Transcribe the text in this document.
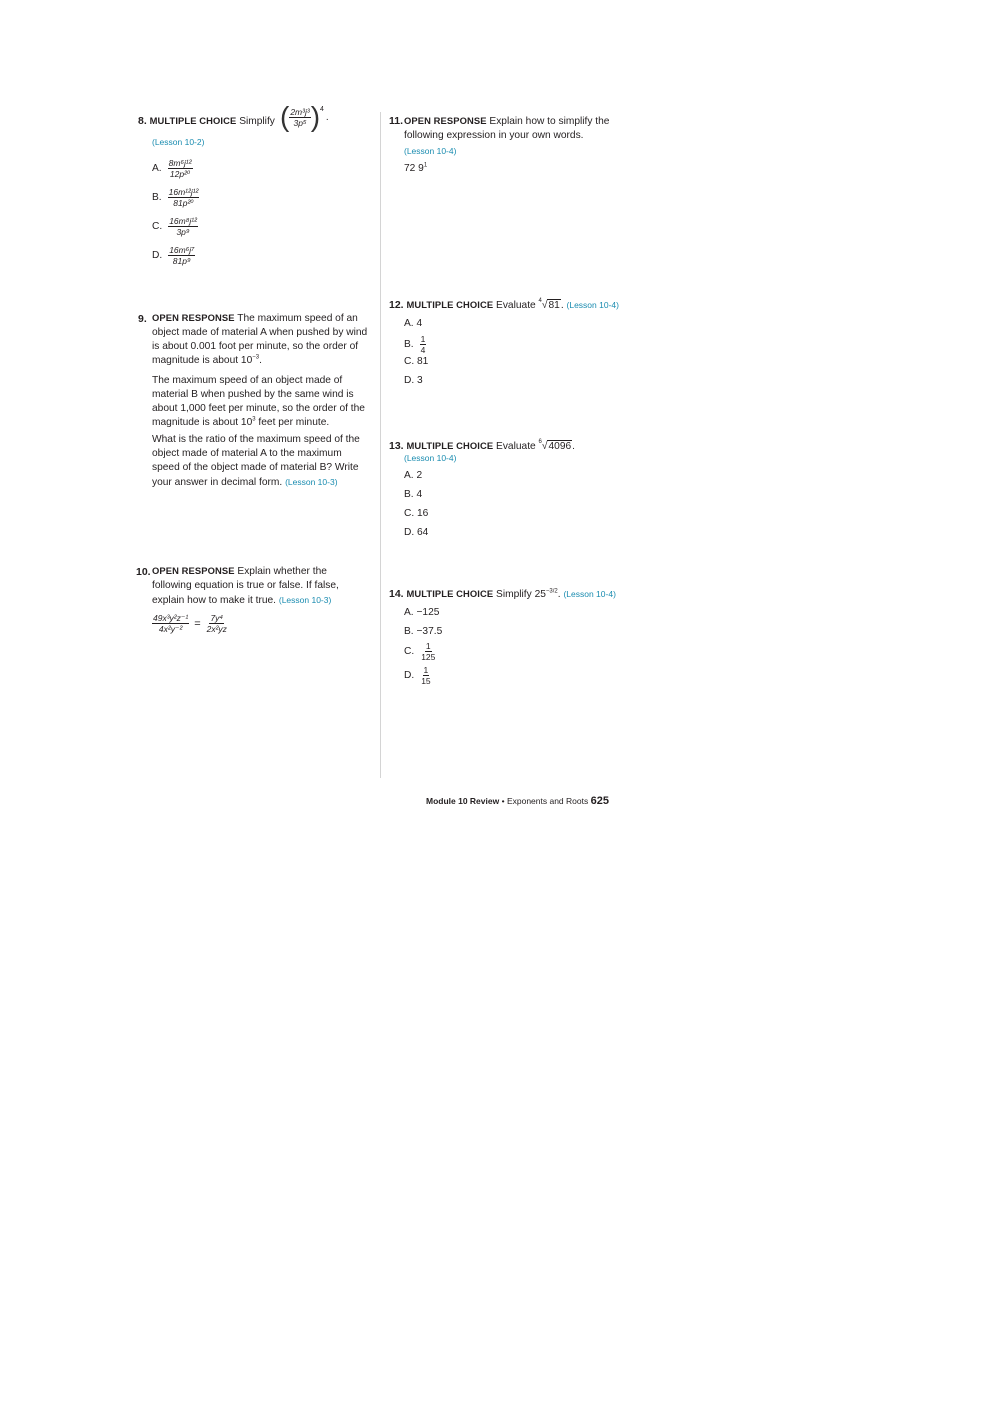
8. MULTIPLE CHOICE Simplify ( $\frac{\text{2m³j³}}{\text{3p⁵}}$ ) 4
.
(Lesson 10-2)
A. $\frac{\text{8m⁶j¹²}}{\text{12p²⁰}}$
B. $\frac{\text{16m¹²j¹²}}{\text{81p²⁰}}$
C. $\frac{\text{16m⁸j¹²}}{\text{3p⁹}}$
D. $\frac{\text{16m⁶j⁷}}{\text{81p⁹}}$
9. OPEN RESPONSE The maximum speed of an object made of material A when pushed by wind is about 0.001 foot per minute, so the order of magnitude is about $10^{-3}$.
The maximum speed of an object made of material B when pushed by the same wind is about 1,000 feet per minute, so the order of the magnitude is about $10^3$ feet per minute.
What is the ratio of the maximum speed of the object made of material A to the maximum speed of the object made of material B? Write your answer in decimal form. (Lesson 10-3)
10. OPEN RESPONSE Explain whether the following equation is true or false. If false, explain how to make it true. (Lesson 10-3)
$\frac{\text{49x³y²z⁻¹}}{\text{4x²y⁻²}} = \frac{\text{7y⁴}}{\text{2x²yz}}$
11. OPEN RESPONSE Explain how to simplify the following expression in your own words.
(Lesson 10-4)
72 $9^1$
12. MULTIPLE CHOICE Evaluate $^4$√81. (Lesson 10-4)
A. 4
B. $\frac{1}{4}$
C. 81
D. 3
13. MULTIPLE CHOICE Evaluate $^6$√4096.
(Lesson 10-4)
A. 2
B. 4
C. 16
D. 64
14. MULTIPLE CHOICE Simplify $25^{-3/2}$. (Lesson 10-4)
A. −125
B. −37.5
C. $\frac{1}{125}$
D. $\frac{1}{15}$
Module 10 Review • Exponents and Roots 625
